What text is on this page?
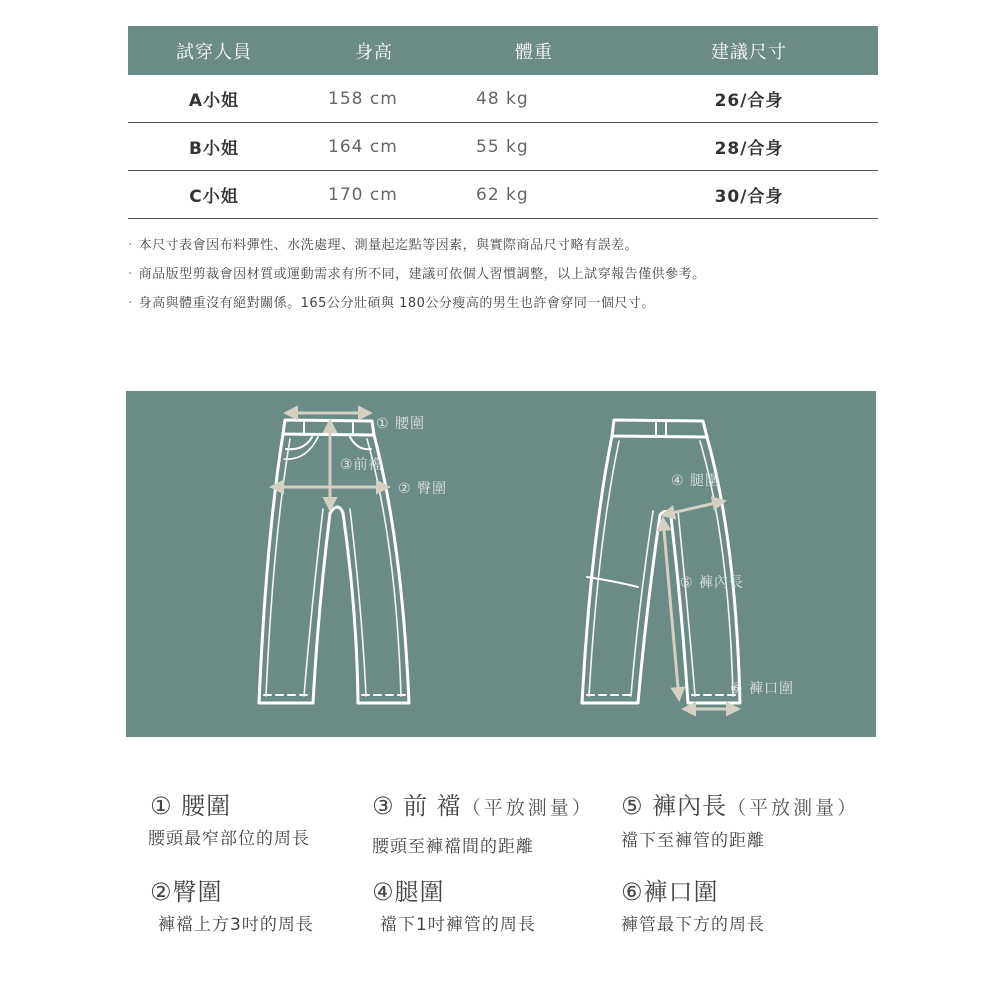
試穿人員	身高	體重	建議尺寸
A小姐	158 cm	48 kg	26/合身
B小姐	164 cm	55 kg	28/合身
C小姐	170 cm	62 kg	30/合身
· 本尺寸表會因布料彈性、水洗處理、測量起迄點等因素，與實際商品尺寸略有誤差。
· 商品版型剪裁會因材質或運動需求有所不同，建議可依個人習慣調整，以上試穿報告僅供參考。
· 身高與體重沒有絕對關係。165公分壯碩與 180公分瘦高的男生也許會穿同一個尺寸。
① 腰圍
③前襠
② 臀圍	④ 腿圍
⑤ 褲內長
⑥ 褲口圍
① 腰圍
腰頭最窄部位的周長
②臀圍
褲襠上方3吋的周長
③ 前 襠（平放測量）
腰頭至褲襠間的距離
④腿圍
襠下1吋褲管的周長
⑤ 褲內長（平放測量）
襠下至褲管的距離
⑥褲口圍
褲管最下方的周長
